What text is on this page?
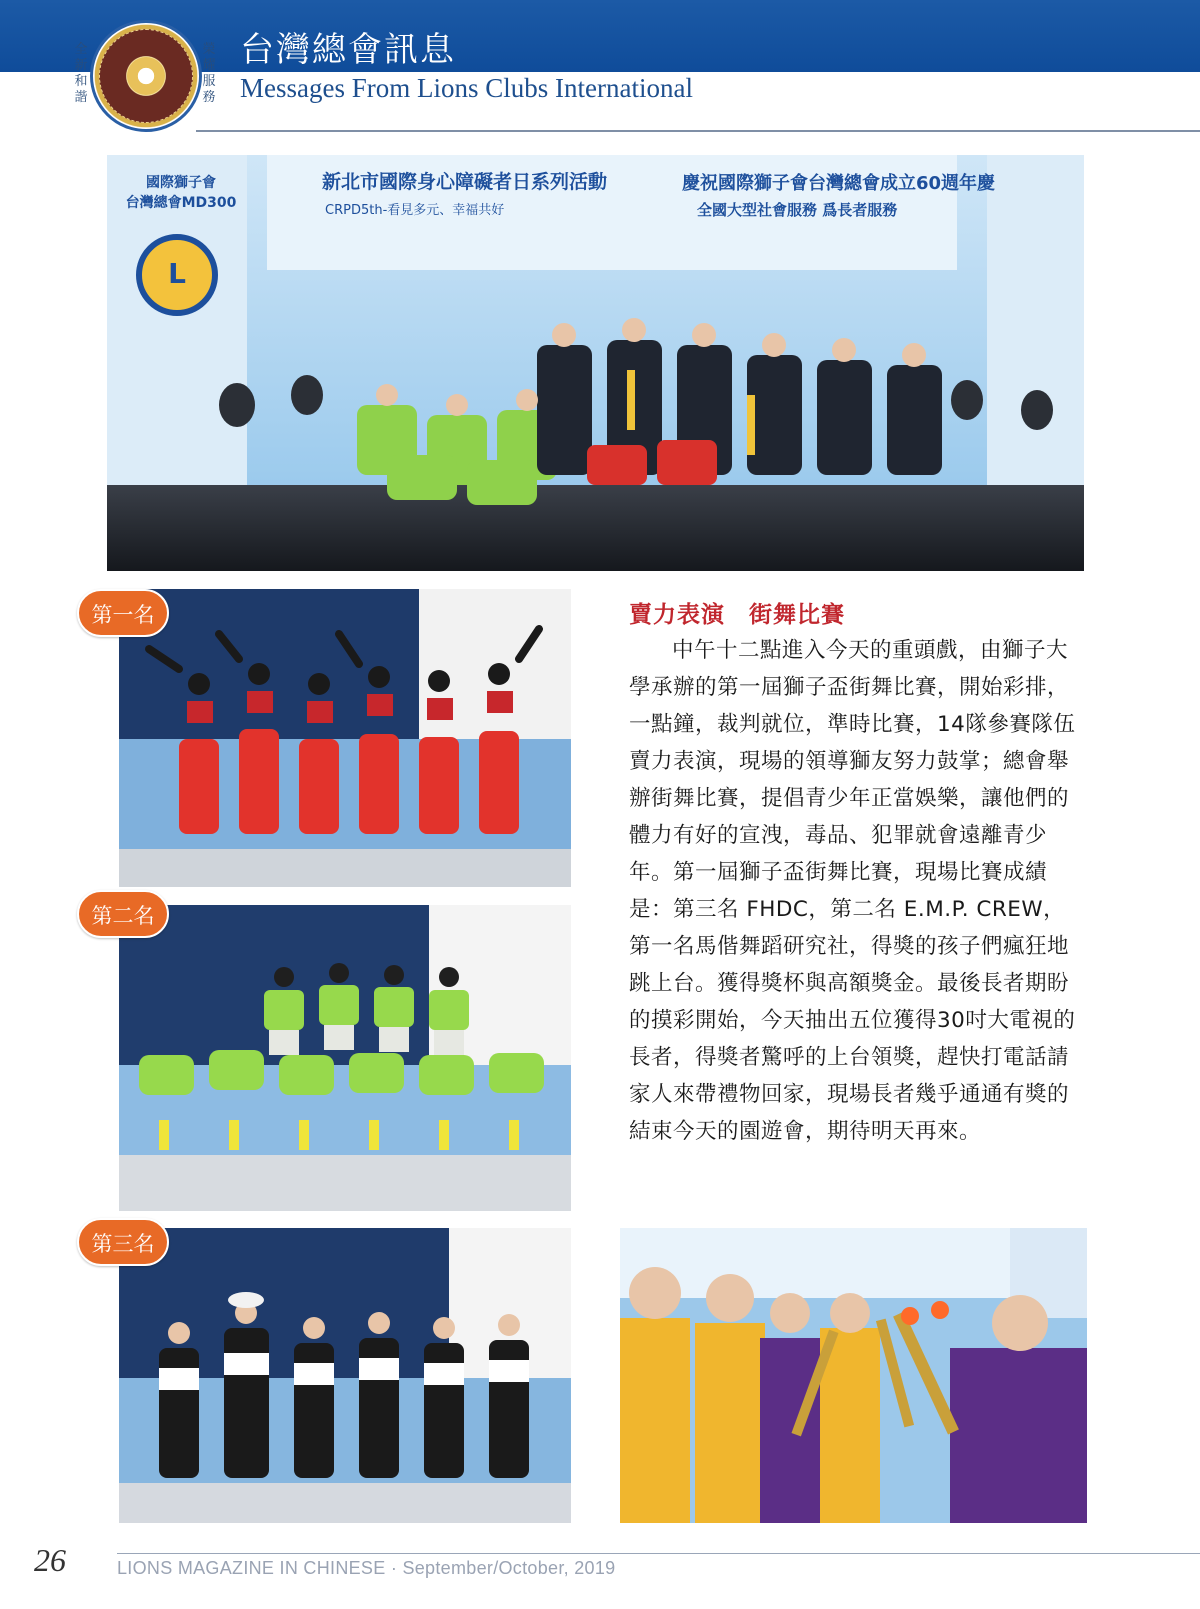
全
新
和
諧
榮
耀
服
務
台灣總會訊息
Messages From Lions Clubs International
L
國際獅子會
台灣總會MD300
新北市國際身心障礙者日系列活動
CRPD5th-看見多元、幸福共好
慶祝國際獅子會台灣總會成立60週年慶
全國大型社會服務 爲長者服務
第一名
第二名
第三名
賣力表演　街舞比賽

中午十二點進入今天的重頭戲，由獅子大學承辦的第一屆獅子盃街舞比賽，開始彩排，一點鐘，裁判就位，準時比賽，14隊參賽隊伍賣力表演，現場的領導獅友努力鼓掌；總會舉辦街舞比賽，提倡青少年正當娛樂，讓他們的體力有好的宣洩，毒品、犯罪就會遠離青少年。第一屆獅子盃街舞比賽，現場比賽成績是：第三名 FHDC，第二名 E.M.P. CREW，第一名馬偕舞蹈研究社，得獎的孩子們瘋狂地跳上台。獲得獎杯與高額獎金。最後長者期盼的摸彩開始，今天抽出五位獲得30吋大電視的長者，得獎者驚呼的上台領獎，趕快打電話請家人來帶禮物回家，現場長者幾乎通通有獎的結束今天的園遊會，期待明天再來。

26	LIONS MAGAZINE IN CHINESE · September/October, 2019
